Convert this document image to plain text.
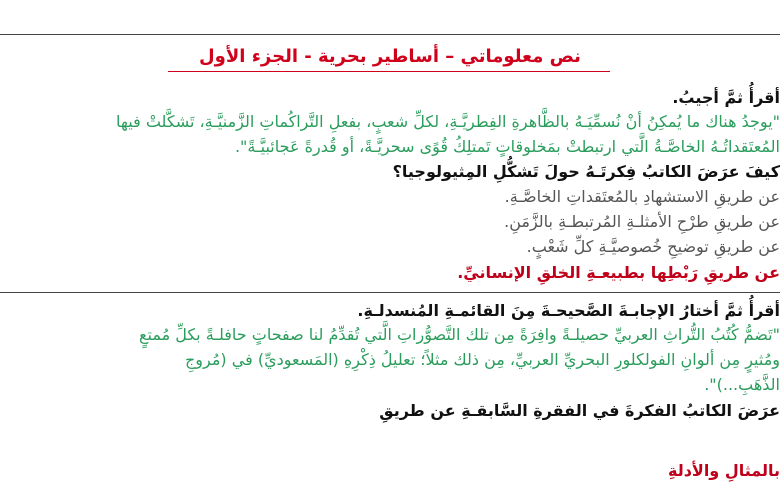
نص معلوماتي – أساطير بحرية - الجزء الأول
أقرأُ ثمَّ أجيبُ.
"يوجدُ هناك ما يُمكِنُ أنْ نُسمِّيَـهُ بالظَّاهرةِ الفِطريَّـةِ، لكلِّ شعبٍ، بفعلِ التَّراكُماتِ الزَّمنيَّـةِ، تَشكَّلتْ فيها
المُعتَقداتُـهُ الخاصَّـةُ الَّتي ارتبطتْ بمَخلوقاتٍ تَمتلِكُ قُوًى سحريَّـةً، أو قُدرةً عَجائبيَّـةً".
كيفَ عرَضَ الكاتبُ فِكرتَـهُ حولَ تَشكُّلِ المِثيولوجيا؟
عن طريقِ الاستشهادِ بالمُعتَقداتِ الخاصَّـةِ.
عن طريقِ طرْحِ الأمثلـةِ المُرتبطـةِ بالزَّمَنِ.
عن طريقِ توضيحِ خُصوصيَّـةِ كلِّ شَعْبٍ.
عن طريقِ رَبْطِها بطبيعـةِ الخلقِ الإنسانيِّ.
أقرأُ ثمَّ أختارُ الإجابـةَ الصَّحيحـةَ مِنَ القائمـةِ المُنسدلـةِ.
"تَضمُّ كُتُبُ التُّراثِ العربيِّ حصيلـةً وافِرَةً مِن تلك التَّصوُّراتِ الَّتي تُقدِّمُ لنا صفحاتٍ حافلـةً بكلِّ مُمتعٍ
ومُثيرٍ مِن ألوانِ الفولكلورِ البحريِّ العربيِّ، مِن ذلك مثلاً؛ تعليلُ ذِكْرِهِ (المَسعوديِّ) في (مُروجِ
الذَّهَبِ...)".
عرَضَ الكاتبُ الفكرةَ في الفقرةِ السَّابقـةِ عن طريقِ
بالمثالِ والأدلةِ
